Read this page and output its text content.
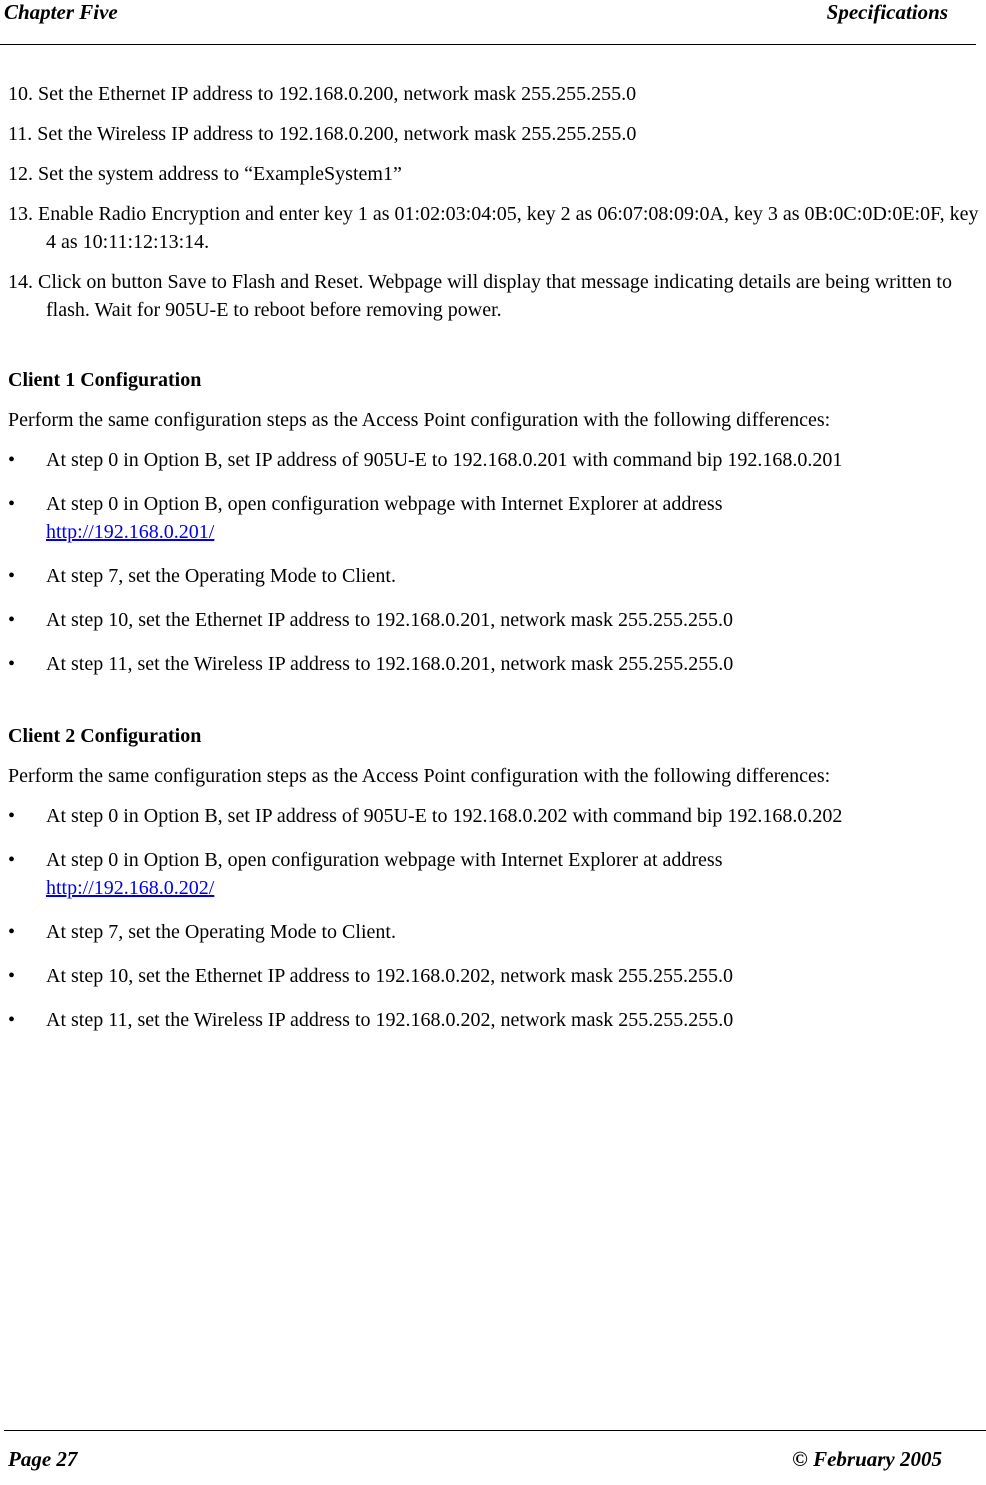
Chapter Five	Specifications
10. Set the Ethernet IP address to 192.168.0.200, network mask 255.255.255.0
11. Set the Wireless IP address to 192.168.0.200, network mask 255.255.255.0
12. Set the system address to “ExampleSystem1”
13. Enable Radio Encryption and enter key 1 as 01:02:03:04:05, key 2 as 06:07:08:09:0A, key 3 as 0B:0C:0D:0E:0F, key 4 as 10:11:12:13:14.
14. Click on button Save to Flash and Reset. Webpage will display that message indicating details are being written to flash. Wait for 905U-E to reboot before removing power.
Client 1 Configuration
Perform the same configuration steps as the Access Point configuration with the following differences:
•	At step 0 in Option B, set IP address of 905U-E to 192.168.0.201 with command bip 192.168.0.201
•	At step 0 in Option B, open configuration webpage with Internet Explorer at address
http://192.168.0.201/
•	At step 7, set the Operating Mode to Client.
•	At step 10, set the Ethernet IP address to 192.168.0.201, network mask 255.255.255.0
•	At step 11, set the Wireless IP address to 192.168.0.201, network mask 255.255.255.0
Client 2 Configuration
Perform the same configuration steps as the Access Point configuration with the following differences:
•	At step 0 in Option B, set IP address of 905U-E to 192.168.0.202 with command bip 192.168.0.202
•	At step 0 in Option B, open configuration webpage with Internet Explorer at address
http://192.168.0.202/
•	At step 7, set the Operating Mode to Client.
•	At step 10, set the Ethernet IP address to 192.168.0.202, network mask 255.255.255.0
•	At step 11, set the Wireless IP address to 192.168.0.202, network mask 255.255.255.0
Page 27	© February 2005
